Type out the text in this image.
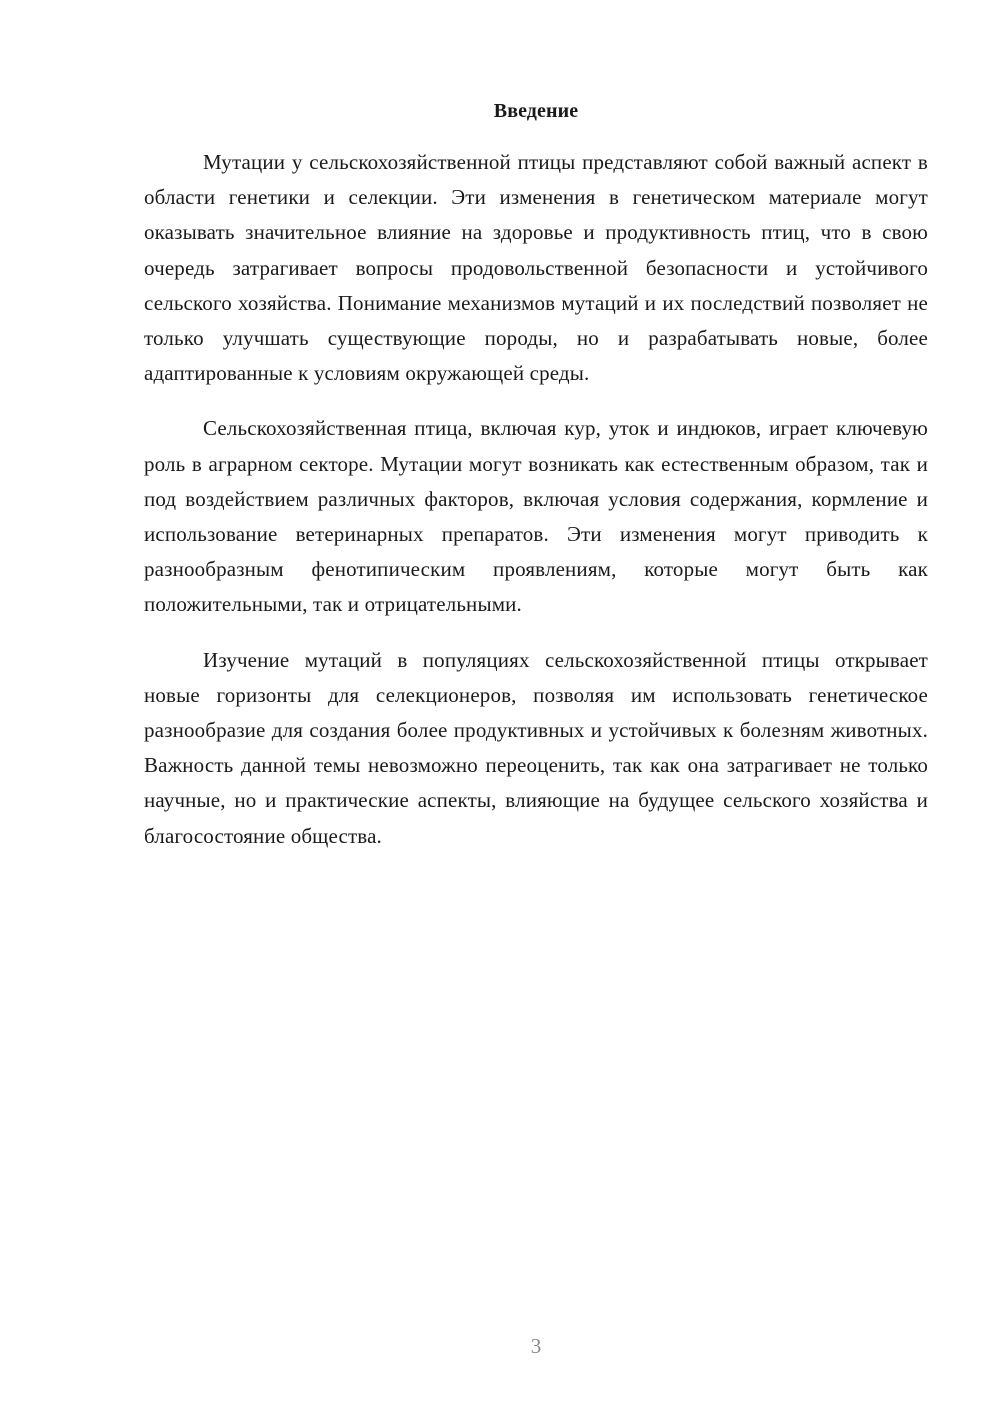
Введение

Мутации у сельскохозяйственной птицы представляют собой важный аспект в области генетики и селекции. Эти изменения в генетическом материале могут оказывать значительное влияние на здоровье и продуктивность птиц, что в свою очередь затрагивает вопросы продовольственной безопасности и устойчивого сельского хозяйства. Понимание механизмов мутаций и их последствий позволяет не только улучшать существующие породы, но и разрабатывать новые, более адаптированные к условиям окружающей среды.

Сельскохозяйственная птица, включая кур, уток и индюков, играет ключевую роль в аграрном секторе. Мутации могут возникать как естественным образом, так и под воздействием различных факторов, включая условия содержания, кормление и использование ветеринарных препаратов. Эти изменения могут приводить к разнообразным фенотипическим проявлениям, которые могут быть как положительными, так и отрицательными.

Изучение мутаций в популяциях сельскохозяйственной птицы открывает новые горизонты для селекционеров, позволяя им использовать генетическое разнообразие для создания более продуктивных и устойчивых к болезням животных. Важность данной темы невозможно переоценить, так как она затрагивает не только научные, но и практические аспекты, влияющие на будущее сельского хозяйства и благосостояние общества.

3
